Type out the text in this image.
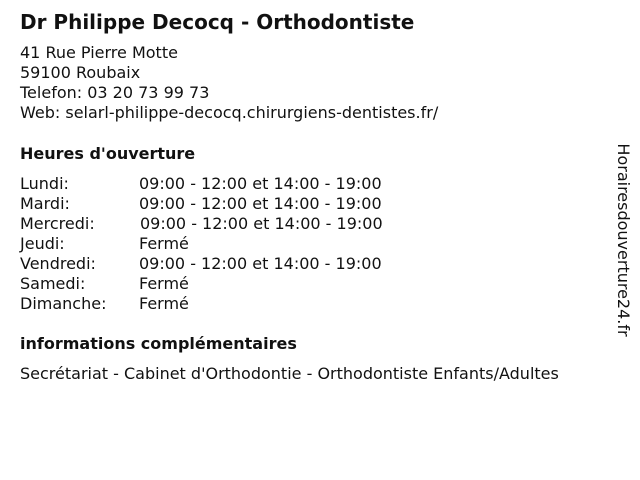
Dr Philippe Decocq - Orthodontiste
41 Rue Pierre Motte
59100 Roubaix
Telefon: 03 20 73 99 73
Web: selarl-philippe-decocq.chirurgiens-dentistes.fr/
Heures d'ouverture
Lundi:	09:00 - 12:00 et 14:00 - 19:00
Mardi:	09:00 - 12:00 et 14:00 - 19:00
Mercredi:	09:00 - 12:00 et 14:00 - 19:00
Jeudi:	Fermé
Vendredi:	09:00 - 12:00 et 14:00 - 19:00
Samedi:	Fermé
Dimanche: Fermé
informations complémentaires
Secrétariat - Cabinet d'Orthodontie - Orthodontiste Enfants/Adultes
Horairesdouverture24.fr
